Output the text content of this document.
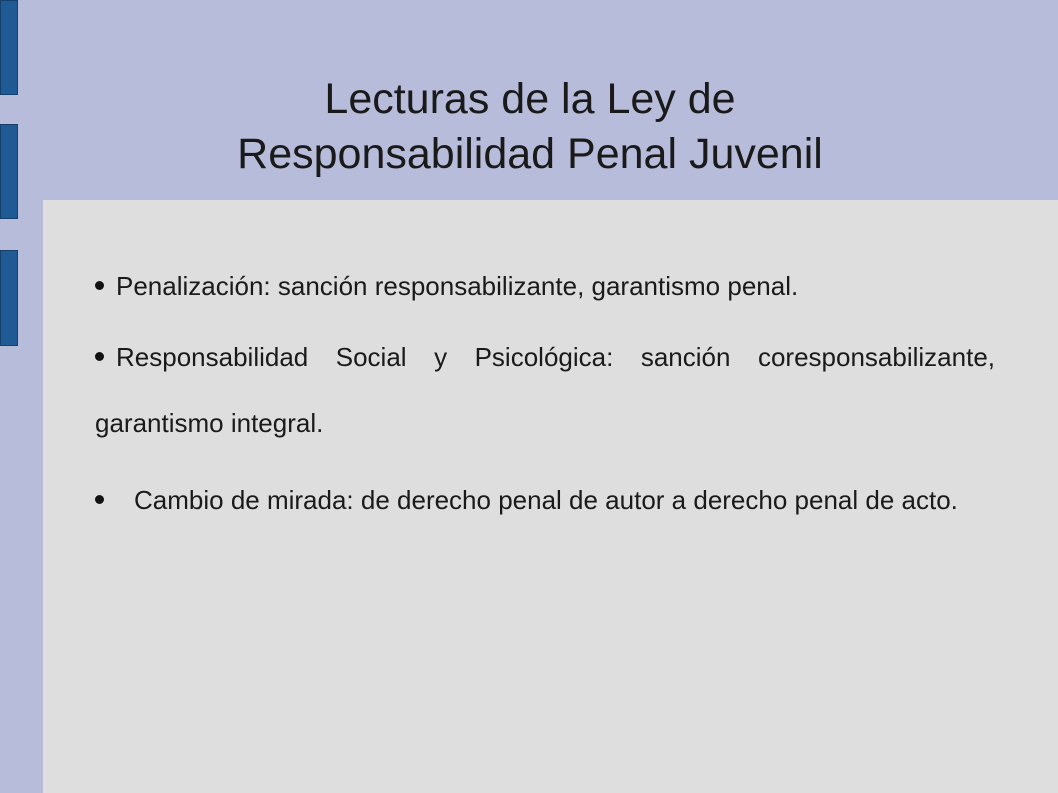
Lecturas de la Ley de
Responsabilidad Penal Juvenil
Penalización: sanción responsabilizante, garantismo penal.
Responsabilidad Social y Psicológica: sanción coresponsabilizante, garantismo integral.
Cambio de mirada: de derecho penal de autor a derecho penal de acto.
